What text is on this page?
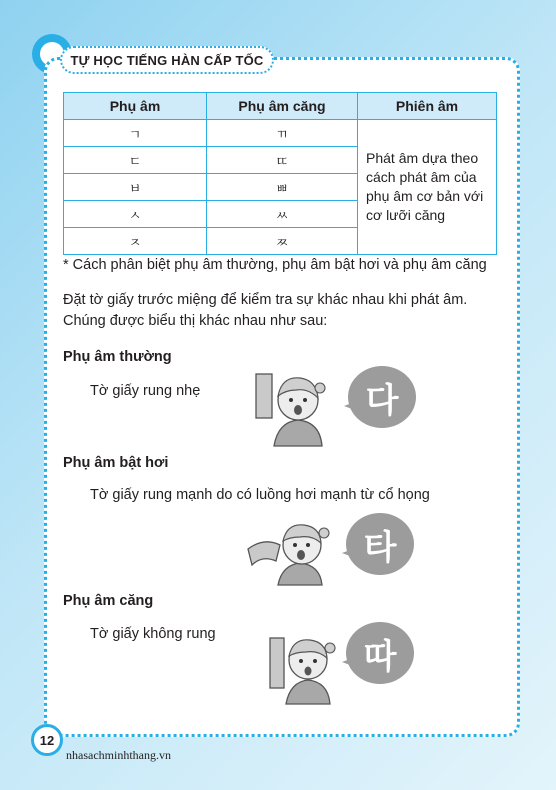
TỰ HỌC TIẾNG HÀN CẤP TỐC
Phụ âm	Phụ âm căng	Phiên âm
ㄱ	ㄲ	Phát âm dựa theo cách phát âm của phụ âm cơ bản với cơ lưỡi căng
ㄷ	ㄸ	
ㅂ	ㅃ	
ㅅ	ㅆ	
ㅈ	ㅉ	
* Cách phân biệt phụ âm thường, phụ âm bật hơi và phụ âm căng
Đặt tờ giấy trước miệng để kiểm tra sự khác nhau khi phát âm.
Chúng được biểu thị khác nhau như sau:
Phụ âm thường
Tờ giấy rung nhẹ	다
Phụ âm bật hơi
Tờ giấy rung mạnh do có luồng hơi mạnh từ cổ họng
타
Phụ âm căng
Tờ giấy không rung
따
12
nhasachminhthang.vn
